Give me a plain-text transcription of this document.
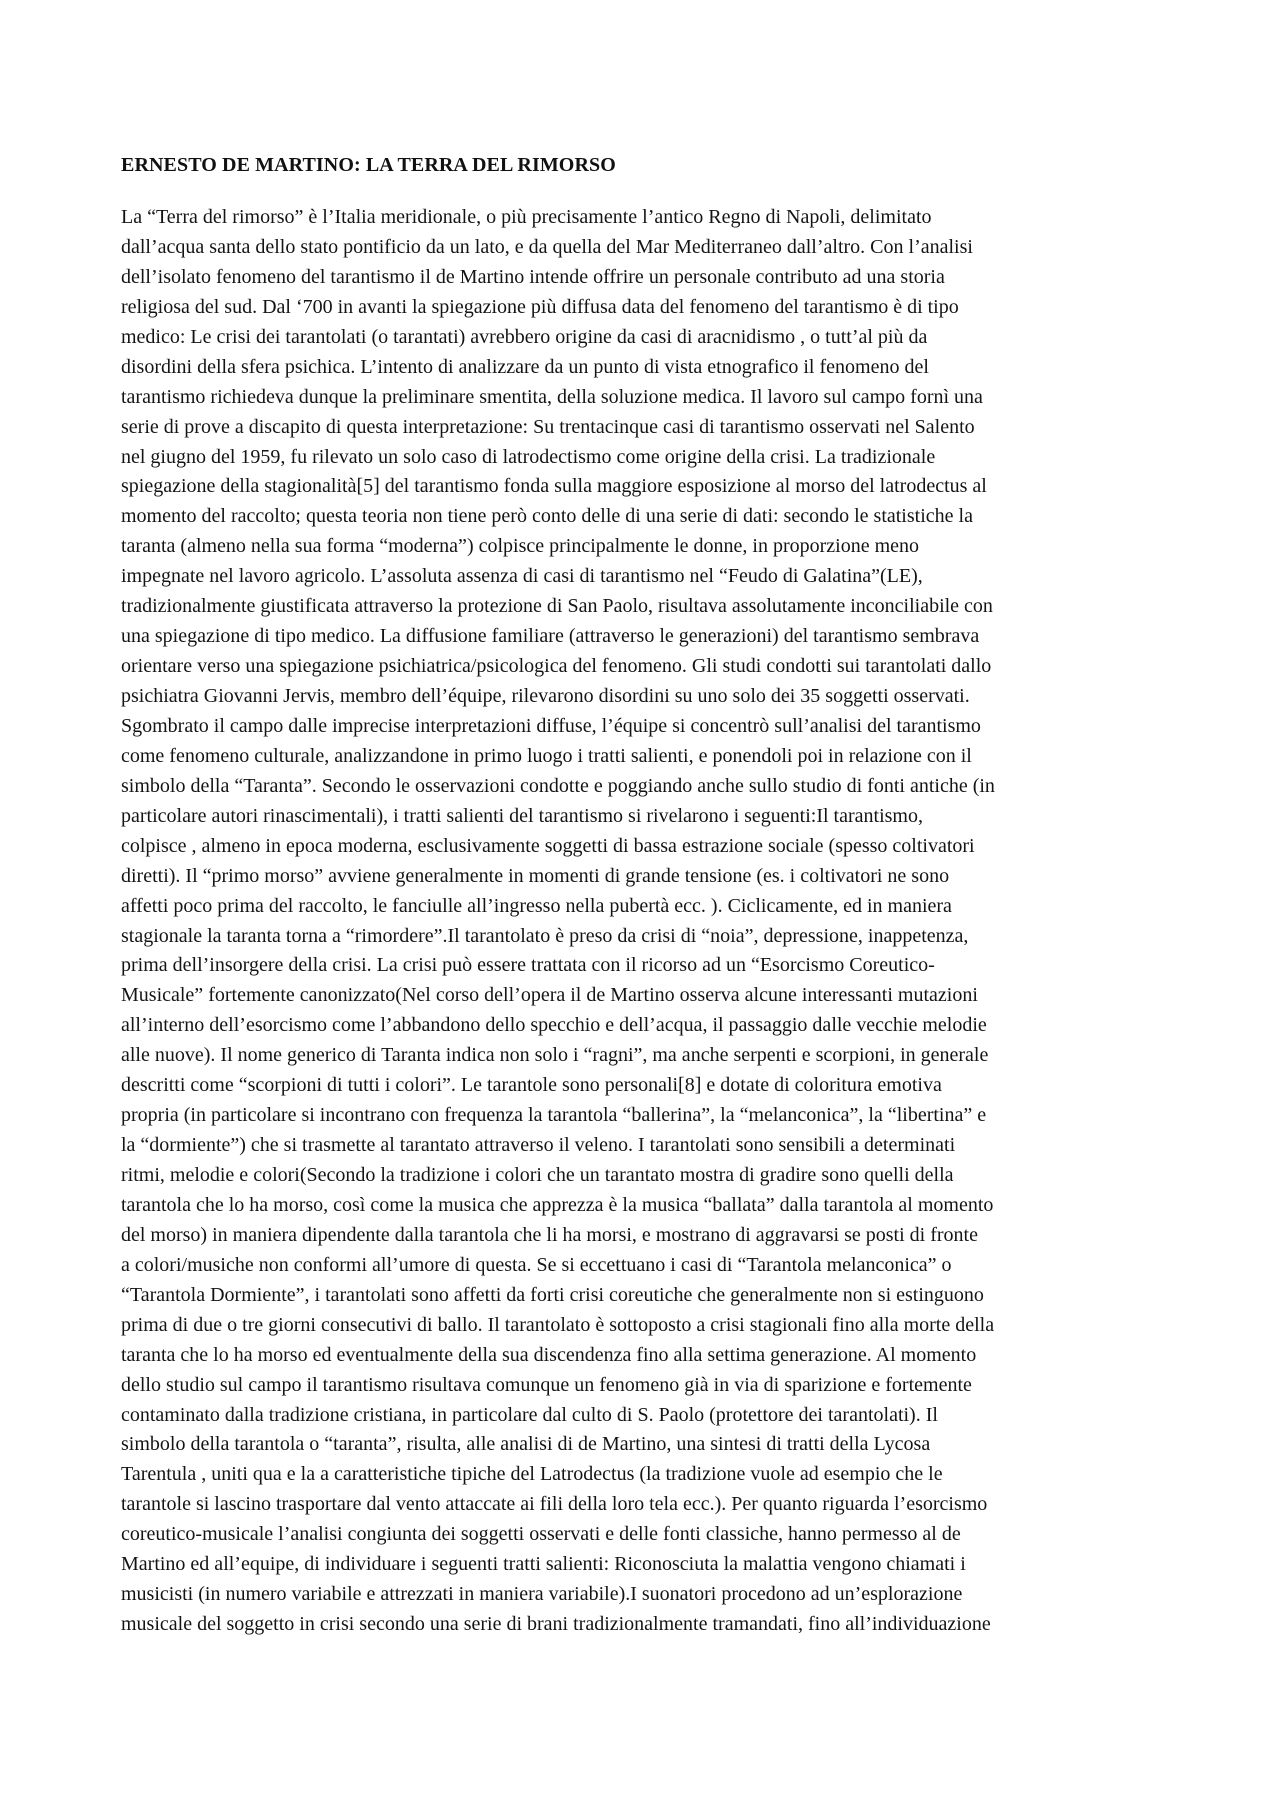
ERNESTO DE MARTINO: LA TERRA DEL RIMORSO
La “Terra del rimorso” è l’Italia meridionale, o più precisamente l’antico Regno di Napoli, delimitato
dall’acqua santa dello stato pontificio da un lato, e da quella del Mar Mediterraneo dall’altro. Con l’analisi
dell’isolato fenomeno del tarantismo il de Martino intende offrire un personale contributo ad una storia
religiosa del sud. Dal ‘700 in avanti la spiegazione più diffusa data del fenomeno del tarantismo è di tipo
medico: Le crisi dei tarantolati (o tarantati) avrebbero origine da casi di aracnidismo , o tutt’al più da
disordini della sfera psichica. L’intento di analizzare da un punto di vista etnografico il fenomeno del
tarantismo richiedeva dunque la preliminare smentita, della soluzione medica. Il lavoro sul campo fornì una
serie di prove a discapito di questa interpretazione: Su trentacinque casi di tarantismo osservati nel Salento
nel giugno del 1959, fu rilevato un solo caso di latrodectismo come origine della crisi. La tradizionale
spiegazione della stagionalità[5] del tarantismo fonda sulla maggiore esposizione al morso del latrodectus al
momento del raccolto; questa teoria non tiene però conto delle di una serie di dati: secondo le statistiche la
taranta (almeno nella sua forma “moderna”) colpisce principalmente le donne, in proporzione meno
impegnate nel lavoro agricolo. L’assoluta assenza di casi di tarantismo nel “Feudo di Galatina”(LE),
tradizionalmente giustificata attraverso la protezione di San Paolo, risultava assolutamente inconciliabile con
una spiegazione di tipo medico. La diffusione familiare (attraverso le generazioni) del tarantismo sembrava
orientare verso una spiegazione psichiatrica/psicologica del fenomeno. Gli studi condotti sui tarantolati dallo
psichiatra Giovanni Jervis, membro dell’équipe, rilevarono disordini su uno solo dei 35 soggetti osservati.
Sgombrato il campo dalle imprecise interpretazioni diffuse, l’équipe si concentrò sull’analisi del tarantismo
come fenomeno culturale, analizzandone in primo luogo i tratti salienti, e ponendoli poi in relazione con il
simbolo della “Taranta”. Secondo le osservazioni condotte e poggiando anche sullo studio di fonti antiche (in
particolare autori rinascimentali), i tratti salienti del tarantismo si rivelarono i seguenti:Il tarantismo,
colpisce , almeno in epoca moderna, esclusivamente soggetti di bassa estrazione sociale (spesso coltivatori
diretti). Il “primo morso” avviene generalmente in momenti di grande tensione (es. i coltivatori ne sono
affetti poco prima del raccolto, le fanciulle all’ingresso nella pubertà ecc. ). Ciclicamente, ed in maniera
stagionale la taranta torna a “rimordere”.Il tarantolato è preso da crisi di “noia”, depressione, inappetenza,
prima dell’insorgere della crisi. La crisi può essere trattata con il ricorso ad un “Esorcismo Coreutico-
Musicale” fortemente canonizzato(Nel corso dell’opera il de Martino osserva alcune interessanti mutazioni
all’interno dell’esorcismo come l’abbandono dello specchio e dell’acqua, il passaggio dalle vecchie melodie
alle nuove). Il nome generico di Taranta indica non solo i “ragni”, ma anche serpenti e scorpioni, in generale
descritti come “scorpioni di tutti i colori”. Le tarantole sono personali[8] e dotate di coloritura emotiva
propria (in particolare si incontrano con frequenza la tarantola “ballerina”, la “melanconica”, la “libertina” e
la “dormiente”) che si trasmette al tarantato attraverso il veleno. I tarantolati sono sensibili a determinati
ritmi, melodie e colori(Secondo la tradizione i colori che un tarantato mostra di gradire sono quelli della
tarantola che lo ha morso, così come la musica che apprezza è la musica “ballata” dalla tarantola al momento
del morso) in maniera dipendente dalla tarantola che li ha morsi, e mostrano di aggravarsi se posti di fronte
a colori/musiche non conformi all’umore di questa. Se si eccettuano i casi di “Tarantola melanconica” o
“Tarantola Dormiente”, i tarantolati sono affetti da forti crisi coreutiche che generalmente non si estinguono
prima di due o tre giorni consecutivi di ballo. Il tarantolato è sottoposto a crisi stagionali fino alla morte della
taranta che lo ha morso ed eventualmente della sua discendenza fino alla settima generazione. Al momento
dello studio sul campo il tarantismo risultava comunque un fenomeno già in via di sparizione e fortemente
contaminato dalla tradizione cristiana, in particolare dal culto di S. Paolo (protettore dei tarantolati). Il
simbolo della tarantola o “taranta”, risulta, alle analisi di de Martino, una sintesi di tratti della Lycosa
Tarentula , uniti qua e la a caratteristiche tipiche del Latrodectus (la tradizione vuole ad esempio che le
tarantole si lascino trasportare dal vento attaccate ai fili della loro tela ecc.). Per quanto riguarda l’esorcismo
coreutico-musicale l’analisi congiunta dei soggetti osservati e delle fonti classiche, hanno permesso al de
Martino ed all’equipe, di individuare i seguenti tratti salienti: Riconosciuta la malattia vengono chiamati i
musicisti (in numero variabile e attrezzati in maniera variabile).I suonatori procedono ad un’esplorazione
musicale del soggetto in crisi secondo una serie di brani tradizionalmente tramandati, fino all’individuazione
